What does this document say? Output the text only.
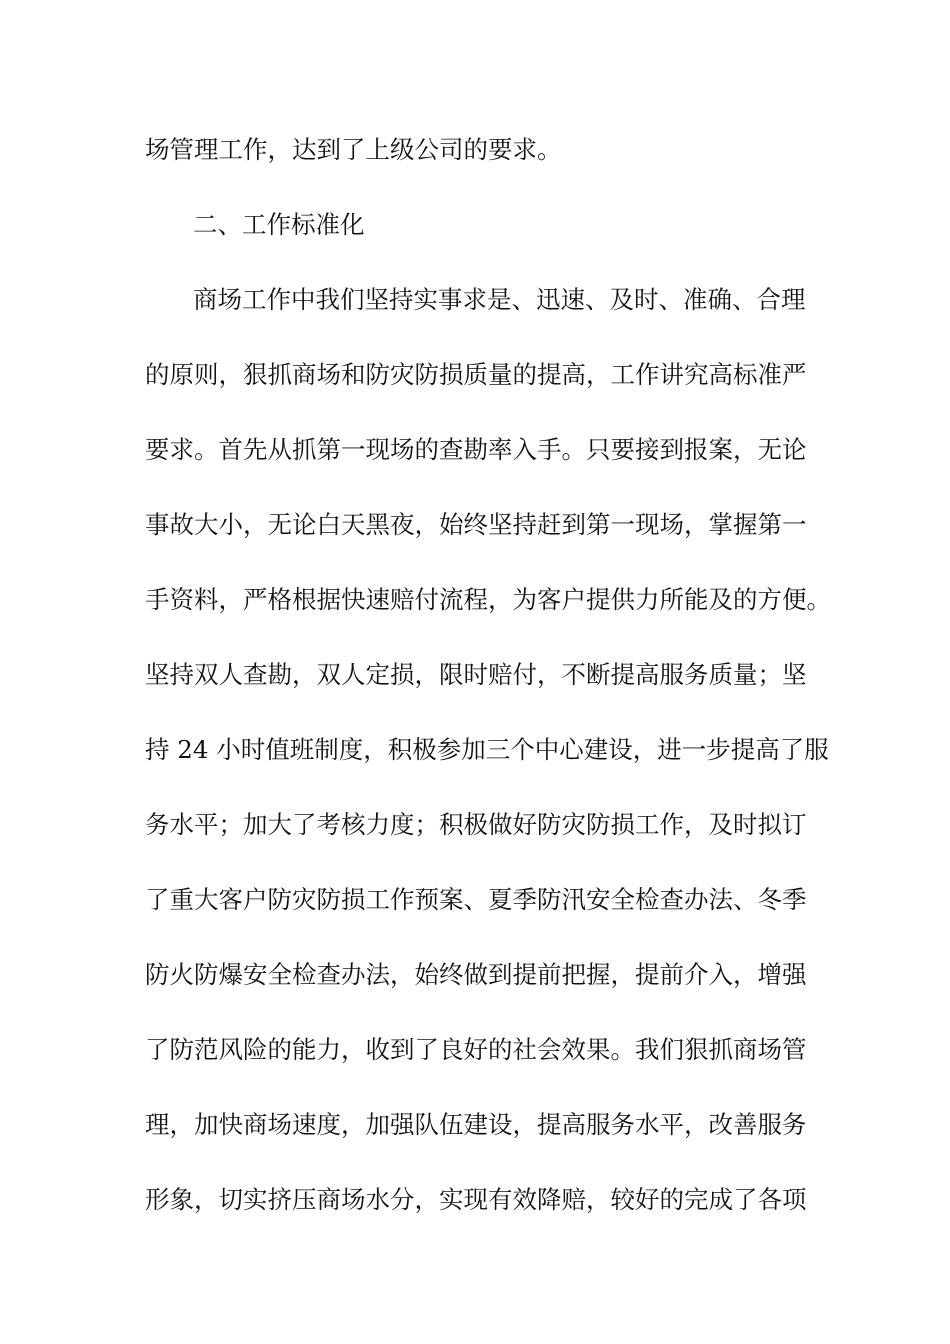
场管理工作，达到了上级公司的要求。
二、工作标准化
商场工作中我们坚持实事求是、迅速、及时、准确、合理
的原则，狠抓商场和防灾防损质量的提高，工作讲究高标准严
要求。首先从抓第一现场的查勘率入手。只要接到报案，无论
事故大小，无论白天黑夜，始终坚持赶到第一现场，掌握第一
手资料，严格根据快速赔付流程，为客户提供力所能及的方便。
坚持双人查勘，双人定损，限时赔付，不断提高服务质量；坚
持 24 小时值班制度，积极参加三个中心建设，进一步提高了服
务水平；加大了考核力度；积极做好防灾防损工作，及时拟订
了重大客户防灾防损工作预案、夏季防汛安全检查办法、冬季
防火防爆安全检查办法，始终做到提前把握，提前介入，增强
了防范风险的能力，收到了良好的社会效果。我们狠抓商场管
理，加快商场速度，加强队伍建设，提高服务水平，改善服务
形象，切实挤压商场水分，实现有效降赔，较好的完成了各项
